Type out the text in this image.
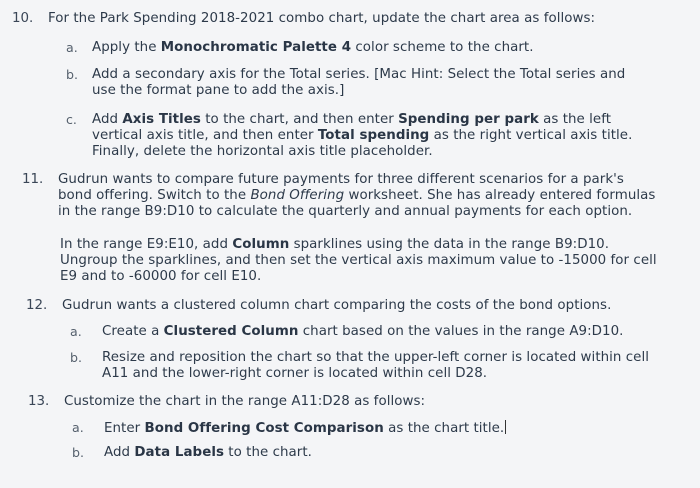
10. For the Park Spending 2018-2021 combo chart, update the chart area as follows:
a. Apply the Monochromatic Palette 4 color scheme to the chart.
b. Add a secondary axis for the Total series. [Mac Hint: Select the Total series and
use the format pane to add the axis.]
c. Add Axis Titles to the chart, and then enter Spending per park as the left
vertical axis title, and then enter Total spending as the right vertical axis title.
Finally, delete the horizontal axis title placeholder.
11. Gudrun wants to compare future payments for three different scenarios for a park's
bond offering. Switch to the Bond Offering worksheet. She has already entered formulas
in the range B9:D10 to calculate the quarterly and annual payments for each option.
In the range E9:E10, add Column sparklines using the data in the range B9:D10.
Ungroup the sparklines, and then set the vertical axis maximum value to -15000 for cell
E9 and to -60000 for cell E10.
12. Gudrun wants a clustered column chart comparing the costs of the bond options.
a. Create a Clustered Column chart based on the values in the range A9:D10.
b. Resize and reposition the chart so that the upper-left corner is located within cell
A11 and the lower-right corner is located within cell D28.
13. Customize the chart in the range A11:D28 as follows:
a. Enter Bond Offering Cost Comparison as the chart title.
b. Add Data Labels to the chart.
